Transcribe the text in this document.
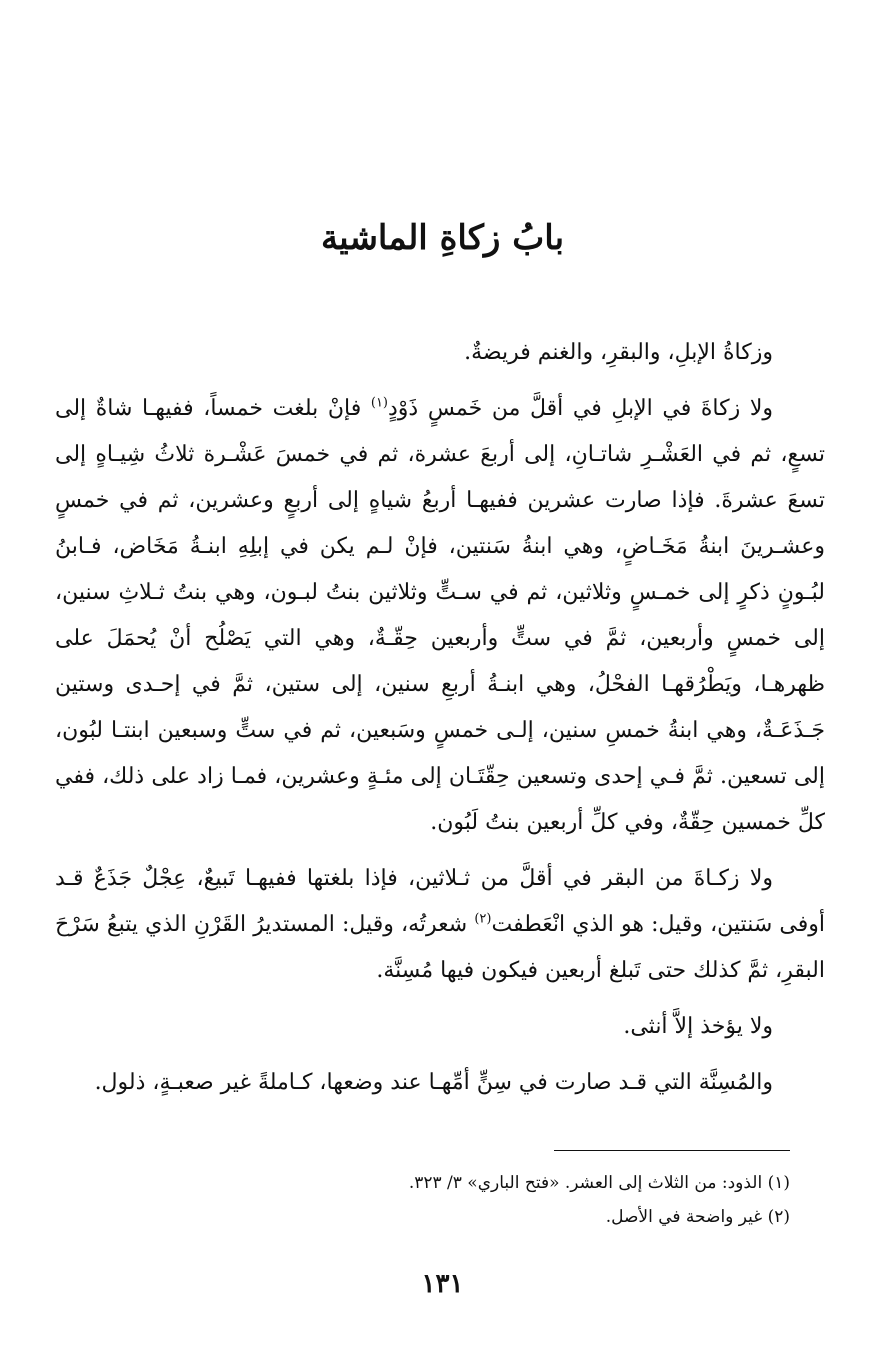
بابُ زكاةِ الماشية

وزكاةُ الإبلِ، والبقرِ، والغنم فريضةٌ.

ولا زكاةَ في الإبلِ في أقلَّ من خَمسٍ ذَوْدٍ$^{(١)}$ فإنْ بلغت خمساً، ففيهـا شاةٌ إلى تسعٍ، ثم في العَشْـرِ شاتـانِ، إلى أربعَ عشرة، ثم في خمسَ عَشْـرة ثلاثُ شِيـاهٍ إلى تسعَ عشرةَ. فإذا صارت عشرين ففيهـا أربعُ شياهٍ إلى أربعٍ وعشرين، ثم في خمسٍ وعشـرينَ ابنةُ مَخَـاضٍ، وهي ابنةُ سَنتين، فإنْ لـم يكن في إبلِهِ ابنـةُ مَخَاض، فـابنُ لبُـونٍ ذكرٍ إلى خمـسٍ وثلاثين، ثم في سـتٍّ وثلاثين بنتُ لبـون، وهي بنتُ ثـلاثِ سنين، إلى خمسٍ وأربعين، ثمَّ في ستٍّ وأربعين حِقّـةٌ، وهي التي يَصْلُح أنْ يُحمَلَ على ظهرهـا، ويَطْرُقهـا الفحْلُ، وهي ابنـةُ أربعِ سنين، إلى ستين، ثمَّ في إحـدى وستين جَـذَعَـةٌ، وهي ابنةُ خمسِ سنين، إلـى خمسٍ وسَبعين، ثم في ستٍّ وسبعين ابنتـا لبُون، إلى تسعين. ثمَّ فـي إحدى وتسعين حِقّتَـان إلى مئـةٍ وعشرين، فمـا زاد على ذلك، ففي كلِّ خمسين حِقّةٌ، وفي كلِّ أربعين بنتُ لَبُون.

ولا زكـاةَ من البقر في أقلَّ من ثـلاثين، فإذا بلغتها ففيهـا تَبيعٌ، عِجْلٌ جَذَعٌ قـد أوفى سَنتين، وقيل: هو الذي انْعَطفت$^{(٢)}$ شعرتُه، وقيل: المستديرُ القَرْنِ الذي يتبعُ سَرْحَ البقرِ، ثمَّ كذلك حتى تَبلغ أربعين فيكون فيها مُسِنَّة.

ولا يؤخذ إلاَّ أنثى.

والمُسِنَّة التي قـد صارت في سِنٍّ أمِّهـا عند وضعها، كـاملةً غير صعبـةٍ، ذلول.

(١) الذود: من الثلاث إلى العشر. «فتح الباري» ٣/ ٣٢٣.

(٢) غير واضحة في الأصل.

١٣١
